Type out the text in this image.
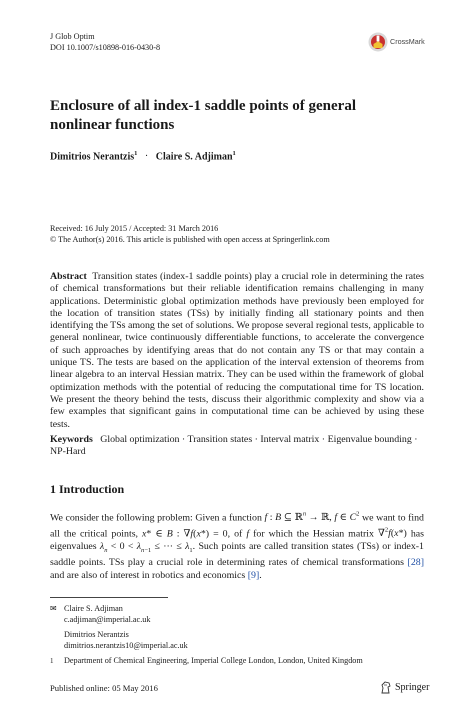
J Glob Optim
DOI 10.1007/s10898-016-0430-8
CrossMark
Enclosure of all index-1 saddle points of general nonlinear functions
Dimitrios Nerantzis$^1$ · Claire S. Adjiman$^1$
Received: 16 July 2015 / Accepted: 31 March 2016
© The Author(s) 2016. This article is published with open access at Springerlink.com
Abstract Transition states (index-1 saddle points) play a crucial role in determining the rates of chemical transformations but their reliable identification remains challenging in many applications. Deterministic global optimization methods have previously been employed for the location of transition states (TSs) by initially finding all stationary points and then identifying the TSs among the set of solutions. We propose several regional tests, applicable to general nonlinear, twice continuously differentiable functions, to accelerate the convergence of such approaches by identifying areas that do not contain any TS or that may contain a unique TS. The tests are based on the application of the interval extension of theorems from linear algebra to an interval Hessian matrix. They can be used within the framework of global optimization methods with the potential of reducing the computational time for TS location. We present the theory behind the tests, discuss their algorithmic complexity and show via a few examples that significant gains in computational time can be achieved by using these tests.
Keywords Global optimization · Transition states · Interval matrix · Eigenvalue bounding · NP-Hard
1 Introduction
We consider the following problem: Given a function f : B ⊆ ℝ$^n$ → ℝ, f ∈ $C^2$ we want to find all the critical points, x* ∈ B : ∇f(x*) = 0, of f for which the Hessian matrix ∇$^2$f(x*) has eigenvalues $\lambda_n < 0 < \lambda_{n-1}$ ≤ ··· ≤ $\lambda_1$. Such points are called transition states (TSs) or index-1 saddle points. TSs play a crucial role in determining rates of chemical transformations [28] and are also of interest in robotics and economics [9].
✉ Claire S. Adjiman
c.adjiman@imperial.ac.uk
Dimitrios Nerantzis
dimitrios.nerantzis10@imperial.ac.uk
1 Department of Chemical Engineering, Imperial College London, London, United Kingdom
Published online: 05 May 2016	Springer
